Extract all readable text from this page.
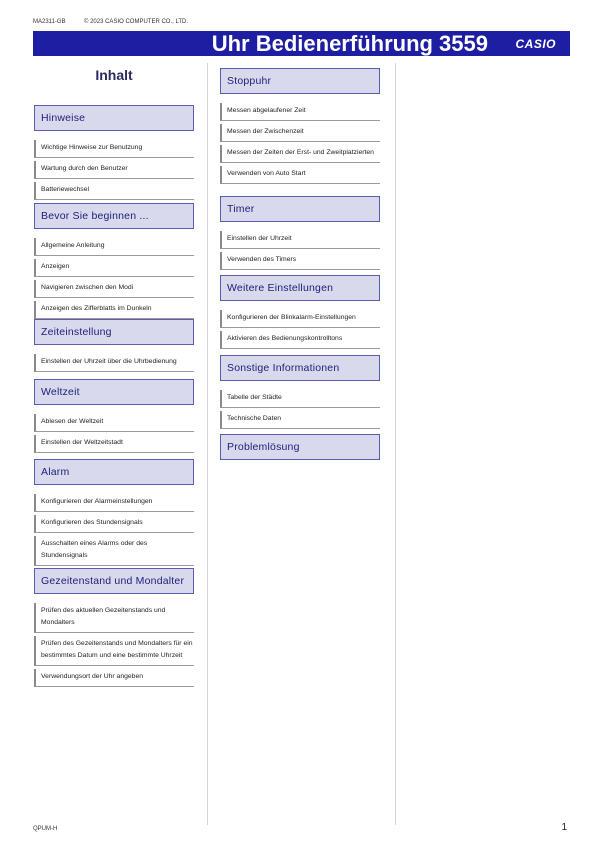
MA2311-GB	© 2023 CASIO COMPUTER CO., LTD.
Uhr Bedienerführung 3559 CASIO
Inhalt
Hinweise
Wichtige Hinweise zur Benutzung
Wartung durch den Benutzer
Batteriewechsel
Bevor Sie beginnen ...
Allgemeine Anleitung
Anzeigen
Navigieren zwischen den Modi
Anzeigen des Zifferblatts im Dunkeln
Zeiteinstellung
Einstellen der Uhrzeit über die Uhrbedienung
Weltzeit
Ablesen der Weltzeit
Einstellen der Weltzeitstadt
Alarm
Konfigurieren der Alarmeinstellungen
Konfigurieren des Stundensignals
Ausschalten eines Alarms oder des Stundensignals
Gezeitenstand und Mondalter
Prüfen des aktuellen Gezeitenstands und Mondalters
Prüfen des Gezeitenstands und Mondalters für ein bestimmtes Datum und eine bestimmte Uhrzeit
Verwendungsort der Uhr angeben
Stoppuhr
Messen abgelaufener Zeit
Messen der Zwischenzeit
Messen der Zeiten der Erst- und Zweitplatzierten
Verwenden von Auto Start
Timer
Einstellen der Uhrzeit
Verwenden des Timers
Weitere Einstellungen
Konfigurieren der Blinkalarm-Einstellungen
Aktivieren des Bedienungskontrolltons
Sonstige Informationen
Tabelle der Städte
Technische Daten
Problemlösung
QPUM-H	1
